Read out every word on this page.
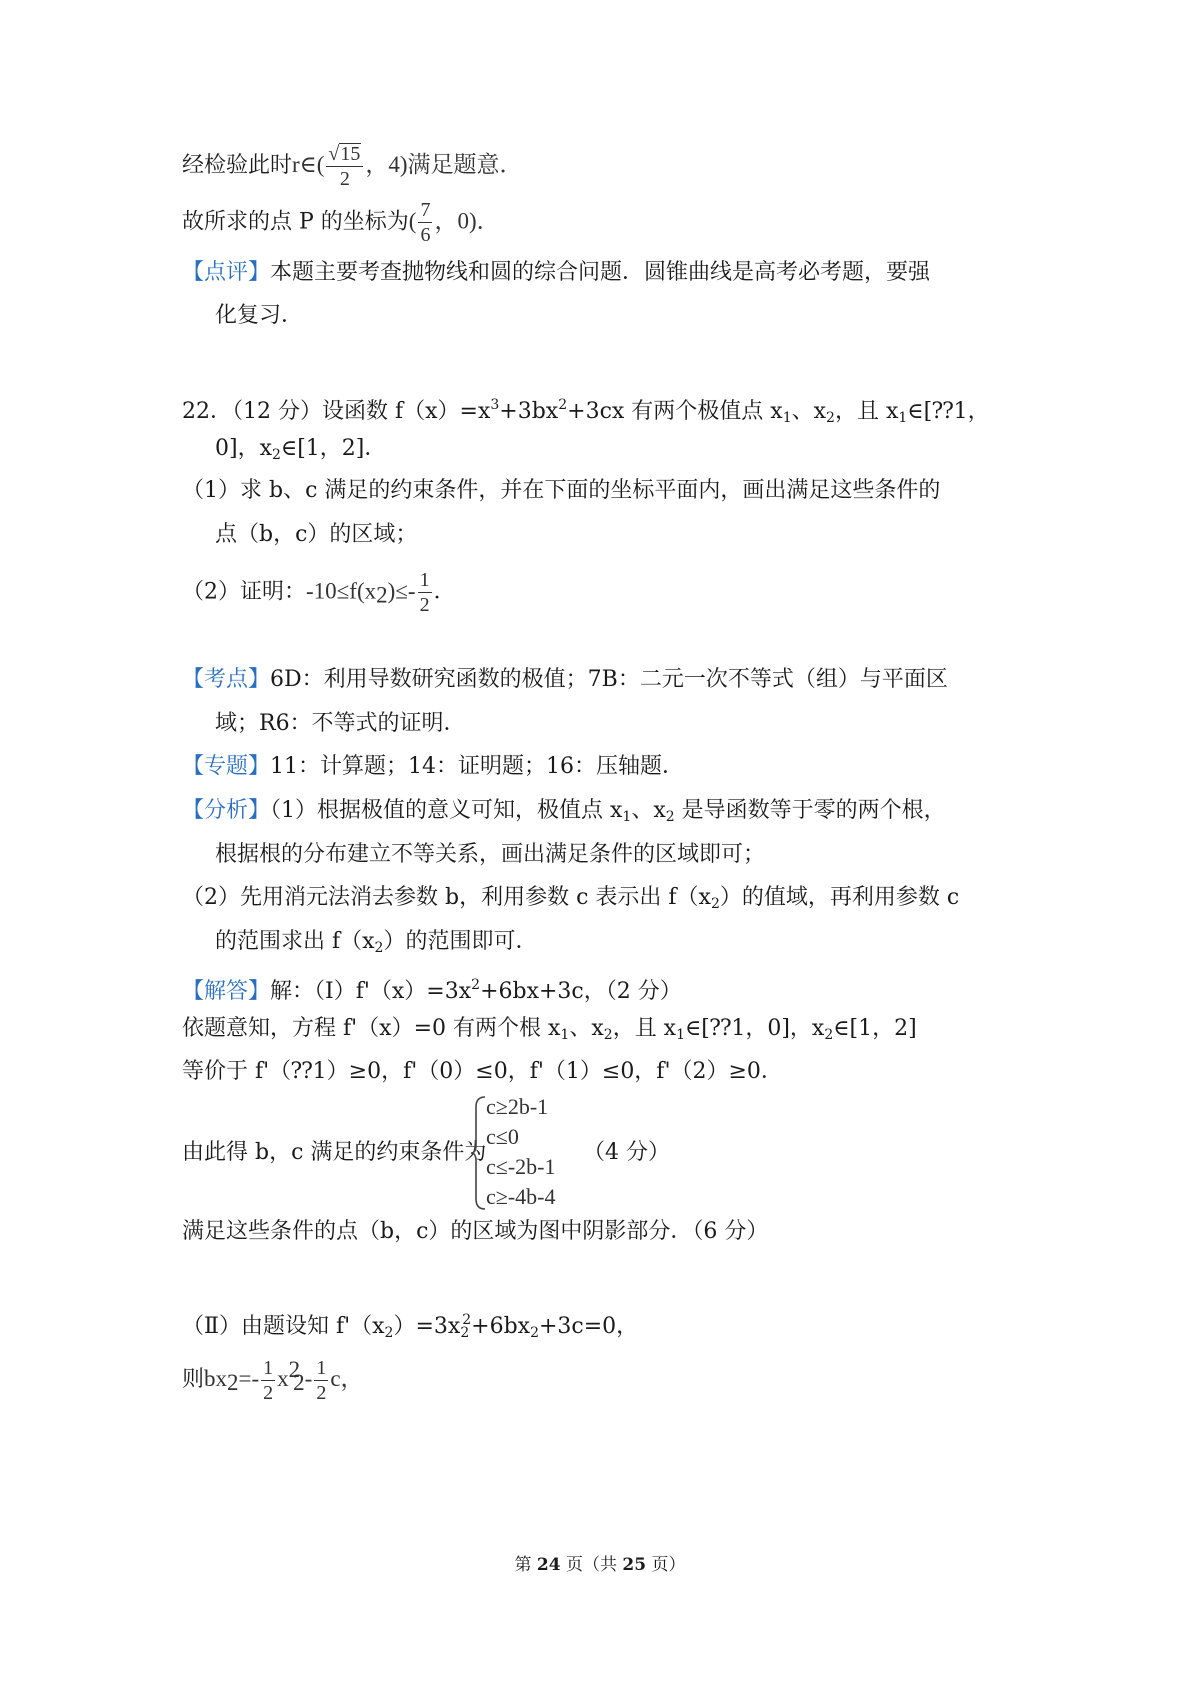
经检验此时r∈( $\frac{√15}{2}$ ，4)满足题意．
故所求的点 P 的坐标为( $\frac{7}{6}$ ，0)．
【点评】本题主要考查抛物线和圆的综合问题．圆锥曲线是高考必考题，要强
化复习．
22．（12 分）设函数 $f(x)=x^3+3bx^2+3cx$ 有两个极值点 $x_1$、$x_2$，且 $x_1\in[⁇1$，
0]，$x_2\in[1$，2]．
（1）求 b、c 满足的约束条件，并在下面的坐标平面内，画出满足这些条件的
点（b，c）的区域；
（2）证明：$-10\le f(x2)\le- \frac{1}{2}$ ．
【考点】6D：利用导数研究函数的极值；7B：二元一次不等式（组）与平面区
域；R6：不等式的证明．
【专题】11：计算题；14：证明题；16：压轴题．
【分析】（1）根据极值的意义可知，极值点 $x_1$、$x_2$ 是导函数等于零的两个根，
根据根的分布建立不等关系，画出满足条件的区域即可；
（2）先用消元法消去参数 b，利用参数 c 表示出 $f(x_2)$的值域，再利用参数 c
的范围求出 $f(x_2)$的范围即可．
【解答】解：$(Ⅰ)f'(x)=3x^2+6bx+3c$，（2 分）
依题意知，方程 f'（x）=0 有两个根 $x_1$、$x_2$，且 $x_1\in[⁇1$，0]，$x_2\in[1$，2]
等价于 f'（⁇1）≥0，f'（0）≤0，f'（1）≤0，f'（2）≥0．
由此得 b，c 满足的约束条件为
c≥2b-1
c≤0
c≤-2b-1
c≥-4b-4
（4 分）
满足这些条件的点（b，c）的区域为图中阴影部分．（6 分）
（Ⅱ）由题设知 $f'(x_2)=3x_2^2+6bx_2+3c=0$，
则$bx2=- \frac{1}{2} x22- \frac{1}{2}$ c，
第 24 页（共 25 页）
